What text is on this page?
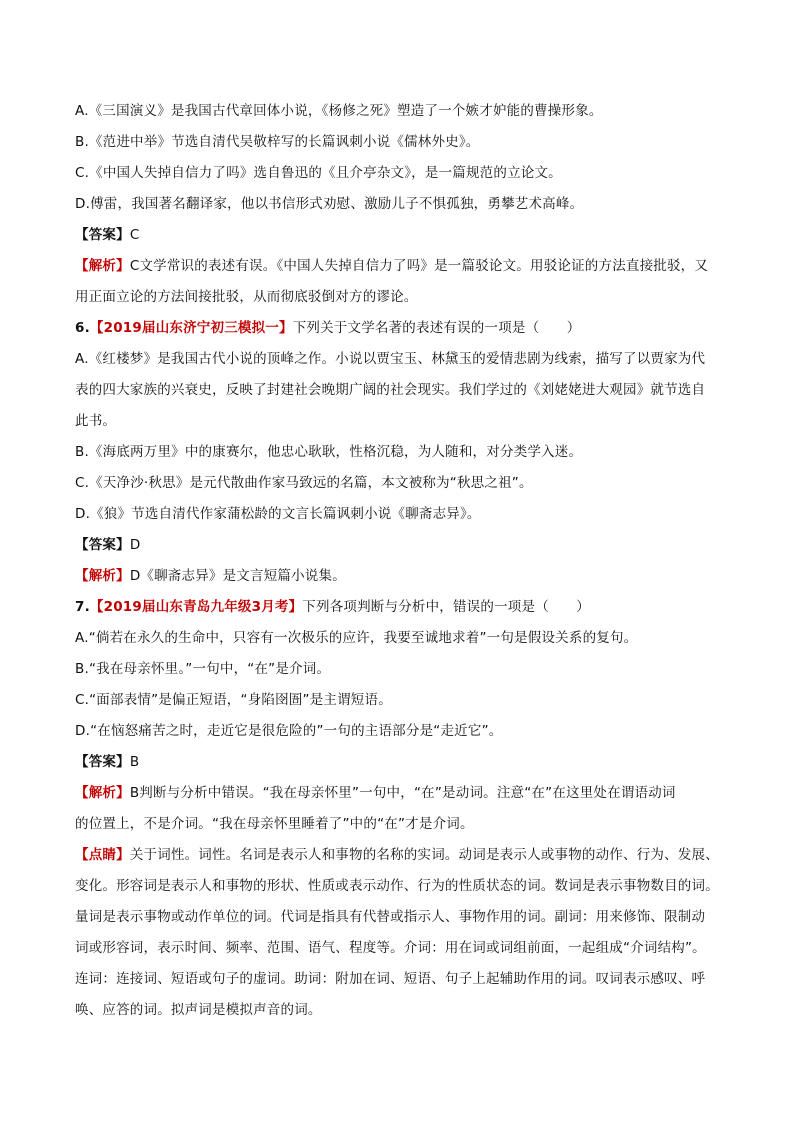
A.《三国演义》是我国古代章回体小说，《杨修之死》塑造了一个嫉才妒能的曹操形象。
B.《范进中举》节选自清代吴敬梓写的长篇讽刺小说《儒林外史》。
C.《中国人失掉自信力了吗》选自鲁迅的《且介亭杂文》，是一篇规范的立论文。
D.傅雷，我国著名翻译家，他以书信形式劝慰、激励儿子不惧孤独，勇攀艺术高峰。
【答案】C
【解析】C文学常识的表述有误。《中国人失掉自信力了吗》是一篇驳论文。用驳论证的方法直接批驳，又
用正面立论的方法间接批驳，从而彻底驳倒对方的谬论。
6.【2019届山东济宁初三模拟一】下列关于文学名著的表述有误的一项是（　　）
A.《红楼梦》是我国古代小说的顶峰之作。小说以贾宝玉、林黛玉的爱情悲剧为线索，描写了以贾家为代
表的四大家族的兴衰史，反映了封建社会晚期广阔的社会现实。我们学过的《刘姥姥进大观园》就节选自
此书。
B.《海底两万里》中的康赛尔，他忠心耿耿，性格沉稳，为人随和，对分类学入迷。
C.《天净沙·秋思》是元代散曲作家马致远的名篇，本文被称为“秋思之祖”。
D.《狼》节选自清代作家蒲松龄的文言长篇讽刺小说《聊斋志异》。
【答案】D
【解析】D《聊斋志异》是文言短篇小说集。
7.【2019届山东青岛九年级3月考】下列各项判断与分析中，错误的一项是（　　）
A.“倘若在永久的生命中，只容有一次极乐的应许，我要至诚地求着”一句是假设关系的复句。
B.“我在母亲怀里。”一句中，“在”是介词。
C.“面部表情”是偏正短语，“身陷囹圄”是主谓短语。
D.“在恼怒痛苦之时，走近它是很危险的”一句的主语部分是“走近它”。
【答案】B
【解析】B判断与分析中错误。“我在母亲怀里”一句中，“在”是动词。注意“在”在这里处在谓语动词
的位置上，不是介词。“我在母亲怀里睡着了”中的“在”才是介词。
【点睛】关于词性。词性。名词是表示人和事物的名称的实词。动词是表示人或事物的动作、行为、发展、
变化。形容词是表示人和事物的形状、性质或表示动作、行为的性质状态的词。数词是表示事物数目的词。
量词是表示事物或动作单位的词。代词是指具有代替或指示人、事物作用的词。副词：用来修饰、限制动
词或形容词，表示时间、频率、范围、语气、程度等。介词：用在词或词组前面，一起组成“介词结构”。
连词：连接词、短语或句子的虚词。助词：附加在词、短语、句子上起辅助作用的词。叹词表示感叹、呼
唤、应答的词。拟声词是模拟声音的词。
